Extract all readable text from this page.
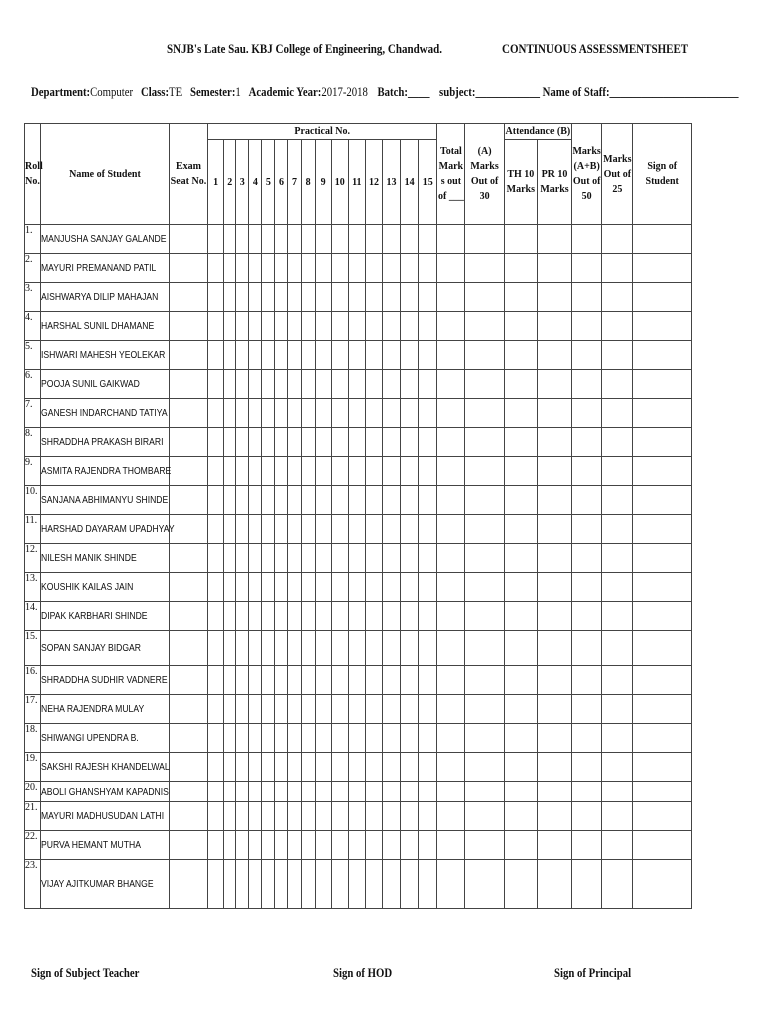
SNJB's Late Sau. KBJ College of Engineering, Chandwad.	CONTINUOUS ASSESSMENTSHEET
Department:Computer Class:TE Semester:1 Academic Year:2017-2018 Batch:____ subject:____________ Name of Staff:________________________
Roll No.	Name of Student	Exam Seat No.	Practical No.															Total Mark s out of ___	(A) Marks Out of 30	Attendance (B)		Marks (A+B) Out of 50	Marks Out of 25	Sign of Student
			1	2	3	4	5	6	7	8	9	10	11	12	13	14	15			TH 10 Marks	PR 10 Marks			
1.	MANJUSHA SANJAY GALANDE																							
2.	MAYURI PREMANAND PATIL																							
3.	AISHWARYA DILIP MAHAJAN																							
4.	HARSHAL SUNIL DHAMANE																							
5.	ISHWARI MAHESH YEOLEKAR																							
6.	POOJA SUNIL GAIKWAD																							
7.	GANESH INDARCHAND TATIYA																							
8.	SHRADDHA PRAKASH BIRARI																							
9.	ASMITA RAJENDRA THOMBARE																							
10.	SANJANA ABHIMANYU SHINDE																							
11.	HARSHAD DAYARAM UPADHYAY																							
12.	NILESH MANIK SHINDE																							
13.	KOUSHIK KAILAS JAIN																							
14.	DIPAK KARBHARI SHINDE																							
15.	SOPAN SANJAY BIDGAR																							
16.	SHRADDHA SUDHIR VADNERE																							
17.	NEHA RAJENDRA MULAY																							
18.	SHIWANGI UPENDRA B.																							
19.	SAKSHI RAJESH KHANDELWAL																							
20.	ABOLI GHANSHYAM KAPADNIS																							
21.	MAYURI MADHUSUDAN LATHI																							
22.	PURVA HEMANT MUTHA																							
23.	VIJAY AJITKUMAR BHANGE																							
Sign of Subject Teacher	Sign of HOD	Sign of Principal
